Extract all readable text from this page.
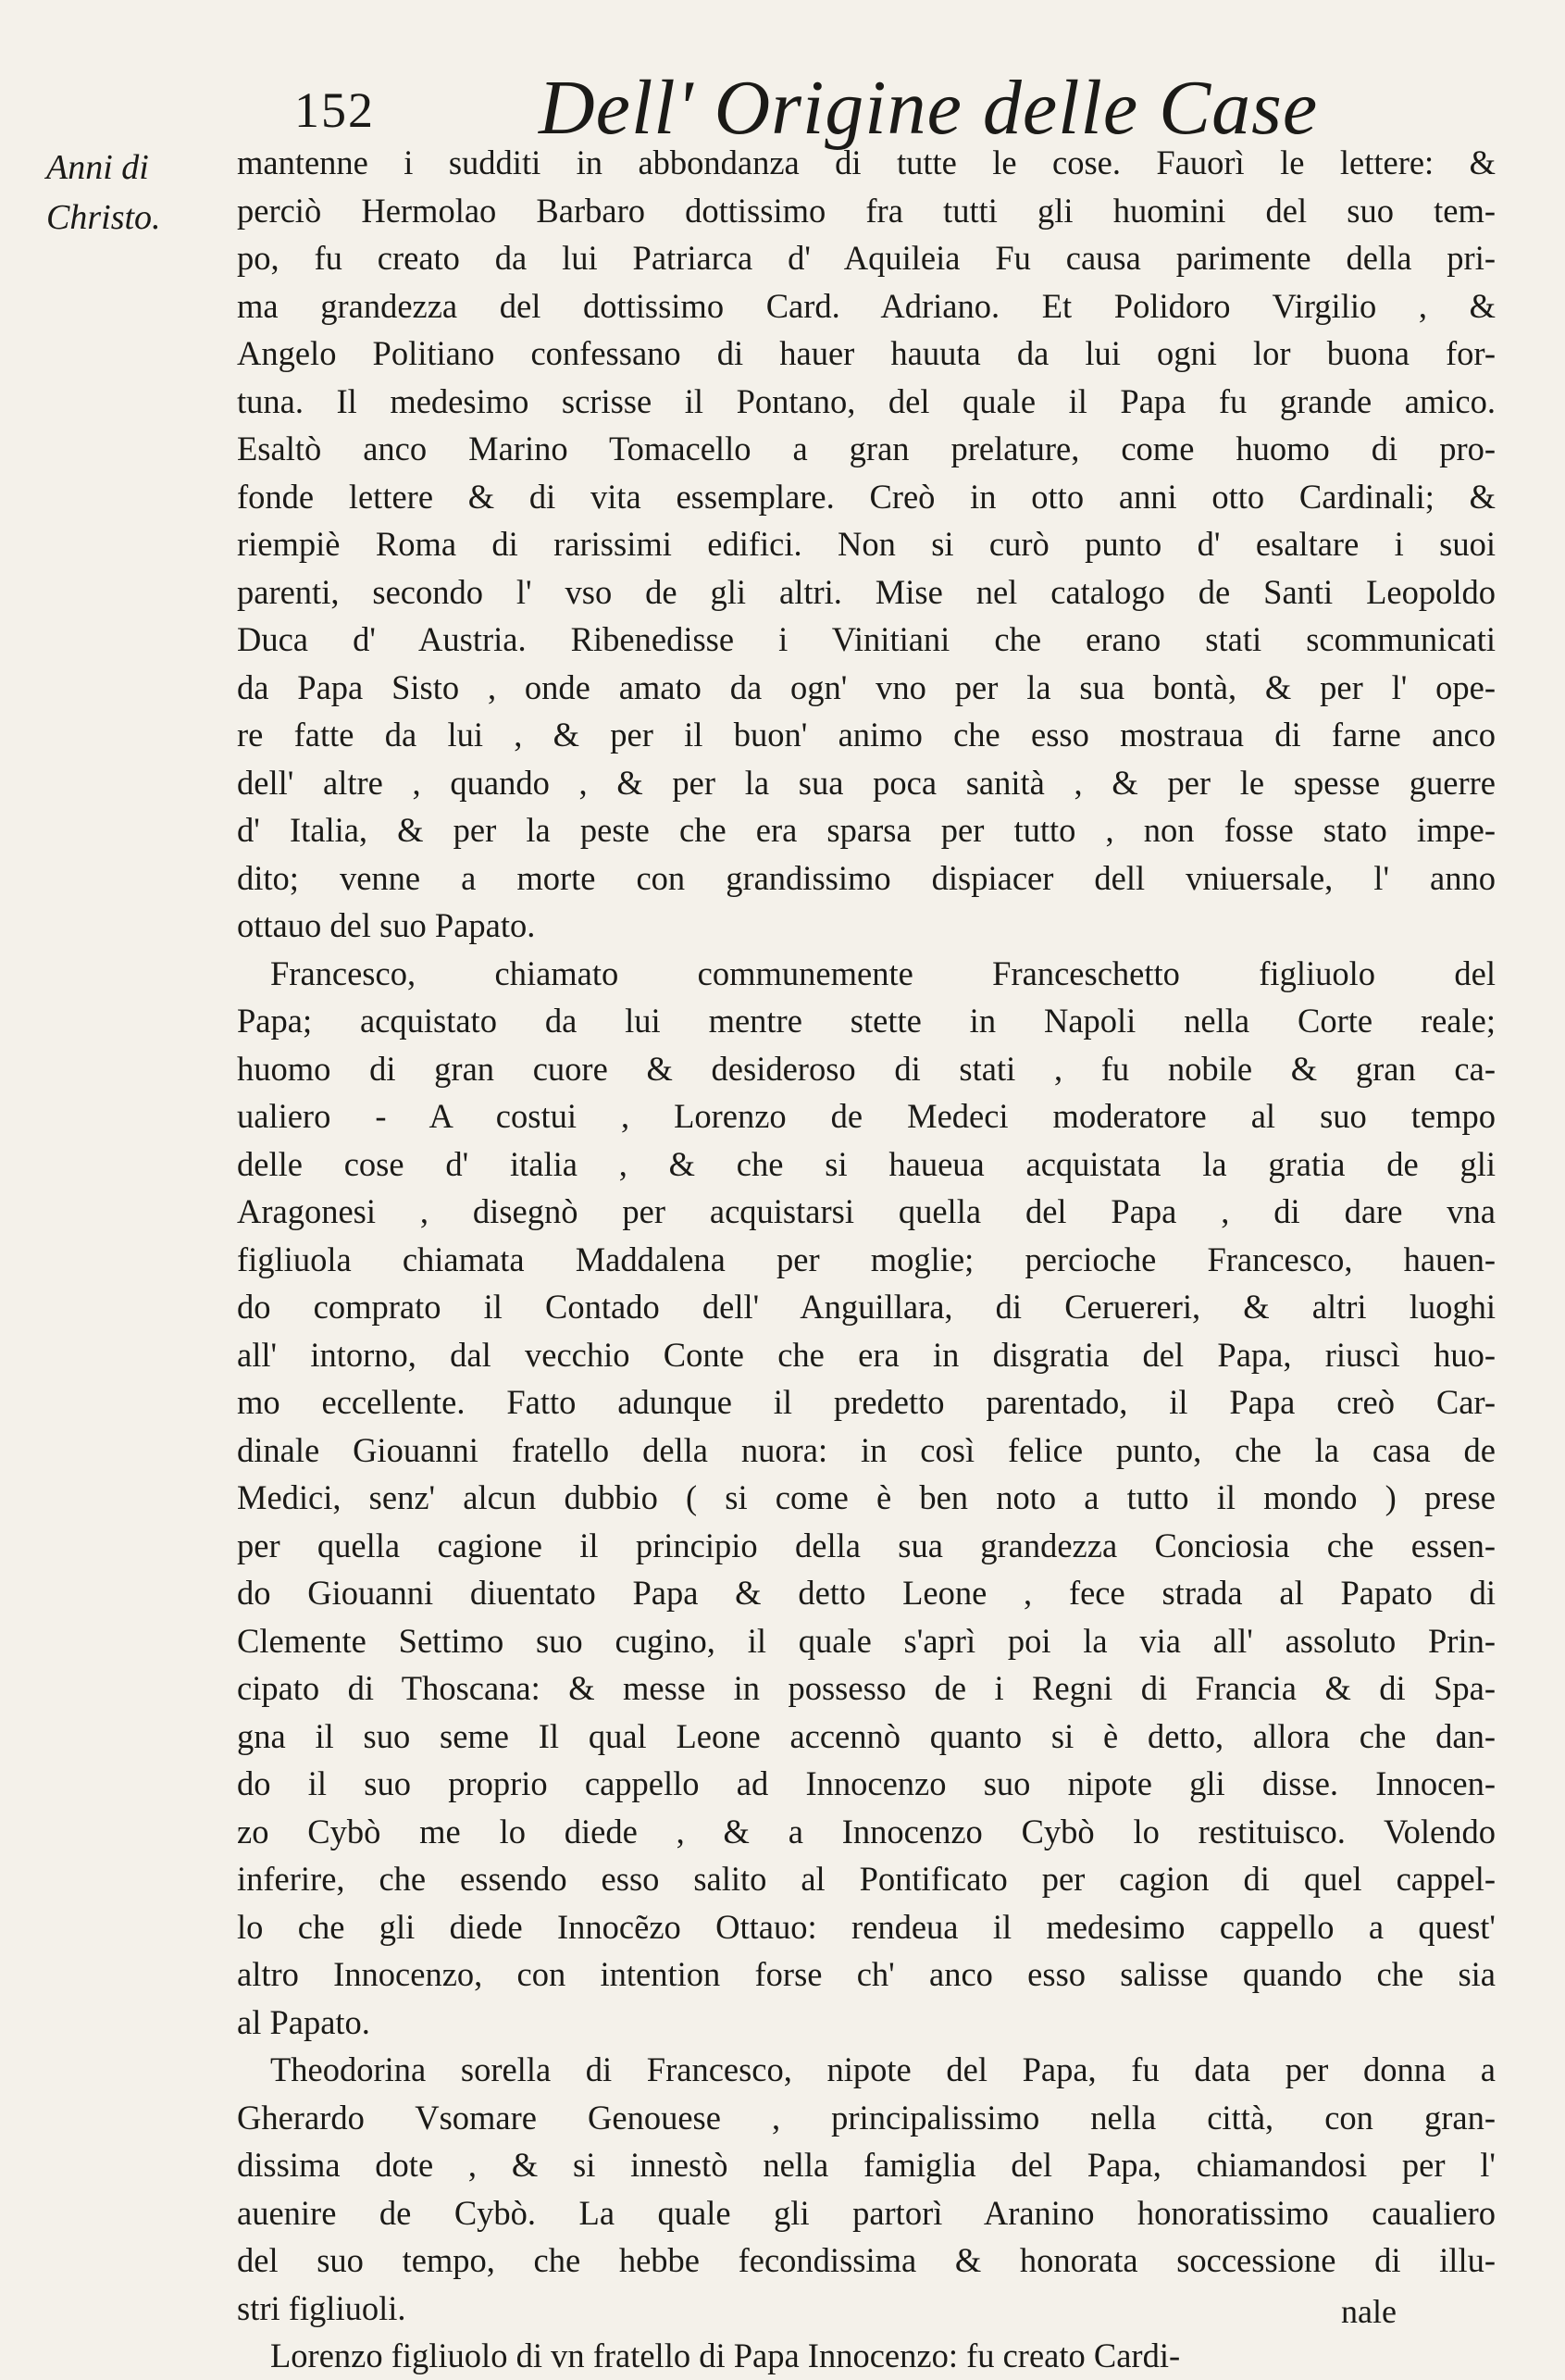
152 Dell' Origine delle Case
Anni di
Christo.
mantenne i sudditi in abbondanza di tutte le cose. Fauorì le lettere: &
perciò Hermolao Barbaro dottissimo fra tutti gli huomini del suo tem-
po, fu creato da lui Patriarca d' Aquileia Fu causa parimente della pri-
ma grandezza del dottissimo Card. Adriano. Et Polidoro Virgilio , &
Angelo Politiano confessano di hauer hauuta da lui ogni lor buona for-
tuna. Il medesimo scrisse il Pontano, del quale il Papa fu grande amico.
Esaltò anco Marino Tomacello a gran prelature, come huomo di pro-
fonde lettere & di vita essemplare. Creò in otto anni otto Cardinali; &
riempiè Roma di rarissimi edifici. Non si curò punto d' esaltare i suoi
parenti, secondo l' vso de gli altri. Mise nel catalogo de Santi Leopoldo
Duca d' Austria. Ribenedisse i Vinitiani che erano stati scommunicati
da Papa Sisto , onde amato da ogn' vno per la sua bontà, & per l' ope-
re fatte da lui , & per il buon' animo che esso mostraua di farne anco
dell' altre , quando , & per la sua poca sanità , & per le spesse guerre
d' Italia, & per la peste che era sparsa per tutto , non fosse stato impe-
dito; venne a morte con grandissimo dispiacer dell vniuersale, l' anno
ottauo del suo Papato.
Francesco, chiamato communemente Franceschetto figliuolo del
Papa; acquistato da lui mentre stette in Napoli nella Corte reale;
huomo di gran cuore & desideroso di stati , fu nobile & gran ca-
ualiero - A costui , Lorenzo de Medeci moderatore al suo tempo
delle cose d' italia , & che si haueua acquistata la gratia de gli
Aragonesi , disegnò per acquistarsi quella del Papa , di dare vna
figliuola chiamata Maddalena per moglie; percioche Francesco, hauen-
do comprato il Contado dell' Anguillara, di Ceruereri, & altri luoghi
all' intorno, dal vecchio Conte che era in disgratia del Papa, riuscì huo-
mo eccellente. Fatto adunque il predetto parentado, il Papa creò Car-
dinale Giouanni fratello della nuora: in così felice punto, che la casa de
Medici, senz' alcun dubbio ( si come è ben noto a tutto il mondo ) prese
per quella cagione il principio della sua grandezza Conciosia che essen-
do Giouanni diuentato Papa & detto Leone , fece strada al Papato di
Clemente Settimo suo cugino, il quale s'aprì poi la via all' assoluto Prin-
cipato di Thoscana: & messe in possesso de i Regni di Francia & di Spa-
gna il suo seme Il qual Leone accennò quanto si è detto, allora che dan-
do il suo proprio cappello ad Innocenzo suo nipote gli disse. Innocen-
zo Cybò me lo diede , & a Innocenzo Cybò lo restituisco. Volendo
inferire, che essendo esso salito al Pontificato per cagion di quel cappel-
lo che gli diede Innocẽzo Ottauo: rendeua il medesimo cappello a quest'
altro Innocenzo, con intention forse ch' anco esso salisse quando che sia
al Papato.
Theodorina sorella di Francesco, nipote del Papa, fu data per donna a
Gherardo Vsomare Genouese , principalissimo nella città, con gran-
dissima dote , & si innestò nella famiglia del Papa, chiamandosi per l'
auenire de Cybò. La quale gli partorì Aranino honoratissimo caualiero
del suo tempo, che hebbe fecondissima & honorata soccessione di illu-
stri figliuoli.
Lorenzo figliuolo di vn fratello di Papa Innocenzo: fu creato Cardi-
nale
